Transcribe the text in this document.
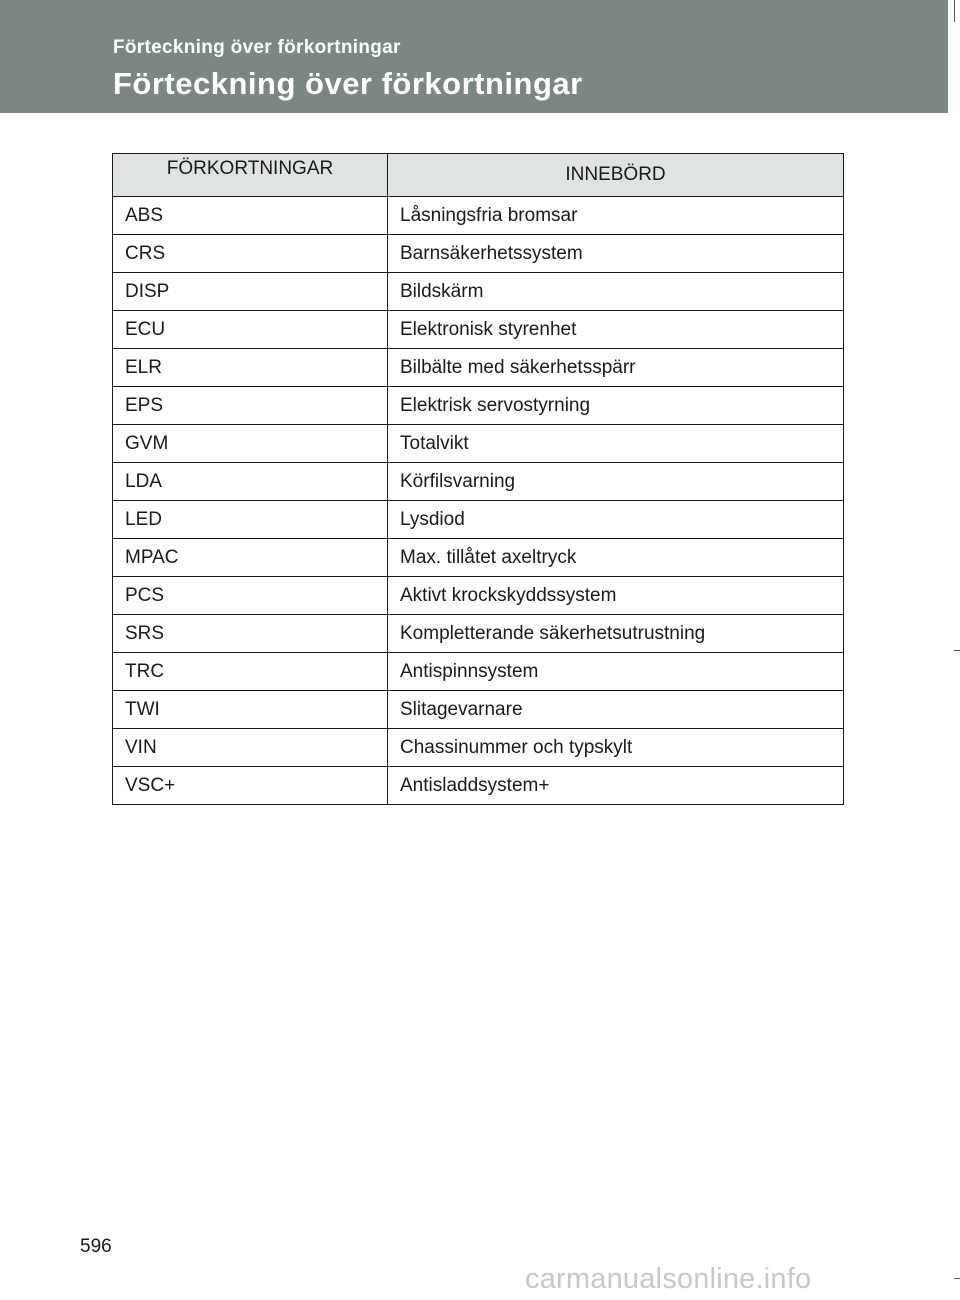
Förteckning över förkortningar
Förteckning över förkortningar
FÖRKORTNINGAR	INNEBÖRD
ABS	Låsningsfria bromsar
CRS	Barnsäkerhetssystem
DISP	Bildskärm
ECU	Elektronisk styrenhet
ELR	Bilbälte med säkerhetsspärr
EPS	Elektrisk servostyrning
GVM	Totalvikt
LDA	Körfilsvarning
LED	Lysdiod
MPAC	Max. tillåtet axeltryck
PCS	Aktivt krockskyddssystem
SRS	Kompletterande säkerhetsutrustning
TRC	Antispinnsystem
TWI	Slitagevarnare
VIN	Chassinummer och typskylt
VSC+	Antisladdsystem+
596
carmanualsonline.info
